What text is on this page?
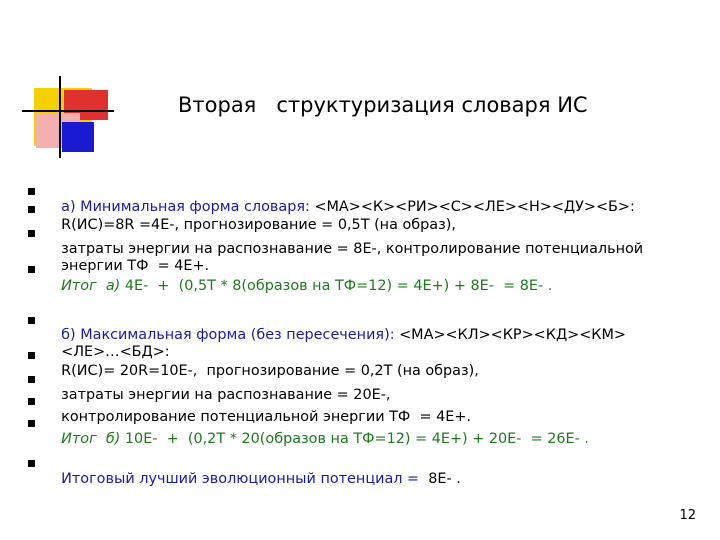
Вторая   структуризация словаря ИС

а) Минимальная форма словаря: <МА><К><РИ><С><ЛЕ><Н><ДУ><Б>:

R(ИС)=8R =4Е-, прогнозирование = 0,5Т (на образ),

затраты энергии на распознавание = 8Е-, контролирование потенциальной

энергии ТФ  = 4Е+.

Итог  а) 4Е-  +  (0,5Т * 8(образов на ТФ=12) = 4Е+) + 8Е-  = 8Е- .

б) Максимальная форма (без пересечения): <МА><КЛ><КР><КД><КМ>

<ЛЕ>…<БД>:

R(ИС)= 20R=10Е-,  прогнозирование = 0,2Т (на образ),

затраты энергии на распознавание = 20Е-,

контролирование потенциальной энергии ТФ  = 4Е+.

Итог  б) 10Е-  +  (0,2Т * 20(образов на ТФ=12) = 4Е+) + 20Е-  = 26Е- .

Итоговый лучший эволюционный потенциал =  8Е- .

12
